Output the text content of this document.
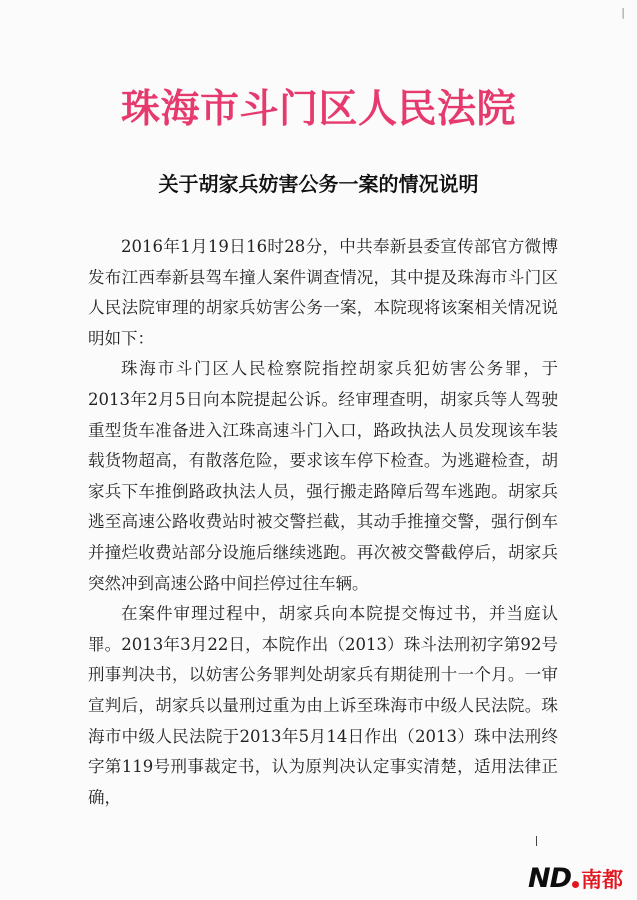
|
珠海市斗门区人民法院
关于胡家兵妨害公务一案的情况说明

2016年1月19日16时28分，中共奉新县委宣传部官方微博发布江西奉新县驾车撞人案件调查情况，其中提及珠海市斗门区人民法院审理的胡家兵妨害公务一案，本院现将该案相关情况说明如下：

珠海市斗门区人民检察院指控胡家兵犯妨害公务罪，于2013年2月5日向本院提起公诉。经审理查明，胡家兵等人驾驶重型货车准备进入江珠高速斗门入口，路政执法人员发现该车装载货物超高，有散落危险，要求该车停下检查。为逃避检查，胡家兵下车推倒路政执法人员，强行搬走路障后驾车逃跑。胡家兵逃至高速公路收费站时被交警拦截，其动手推撞交警，强行倒车并撞烂收费站部分设施后继续逃跑。再次被交警截停后，胡家兵突然冲到高速公路中间拦停过往车辆。

在案件审理过程中，胡家兵向本院提交悔过书，并当庭认罪。2013年3月22日，本院作出（2013）珠斗法刑初字第92号刑事判决书，以妨害公务罪判处胡家兵有期徒刑十一个月。一审宣判后，胡家兵以量刑过重为由上诉至珠海市中级人民法院。珠海市中级人民法院于2013年5月14日作出（2013）珠中法刑终字第119号刑事裁定书，认为原判决认定事实清楚，适用法律正确，

ND 南都
